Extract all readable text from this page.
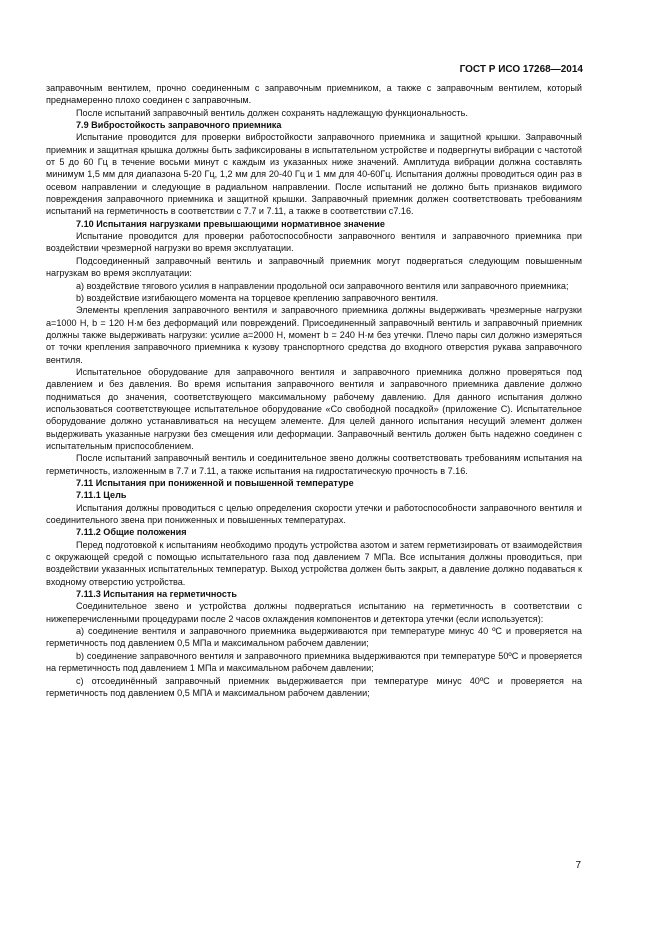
ГОСТ Р ИСО 17268—2014

заправочным вентилем, прочно соединенным с заправочным приемником, а также с заправочным вентилем, который преднамеренно плохо соединен с заправочным.

После испытаний заправочный вентиль должен сохранять надлежащую функциональность.

7.9 Вибростойкость заправочного приемника

Испытание проводится для проверки вибростойкости заправочного приемника и защитной крышки. Заправочный приемник и защитная крышка должны быть зафиксированы в испытательном устройстве и подвергнуты вибрации с частотой от 5 до 60 Гц в течение восьми минут с каждым из указанных ниже значений. Амплитуда вибрации должна составлять минимум 1,5 мм для диапазона 5-20 Гц, 1,2 мм для 20-40 Гц и 1 мм для 40-60Гц. Испытания должны проводиться один раз в осевом направлении и следующие в радиальном направлении. После испытаний не должно быть признаков видимого повреждения заправочного приемника и защитной крышки. Заправочный приемник должен соответствовать требованиям испытаний на герметичность в соответствии с 7.7 и 7.11, а также в соответствии с7.16.

7.10 Испытания нагрузками превышающими нормативное значение

Испытание проводится для проверки работоспособности заправочного вентиля и заправочного приемника при воздействии чрезмерной нагрузки во время эксплуатации.

Подсоединенный заправочный вентиль и заправочный приемник могут подвергаться следующим повышенным нагрузкам во время эксплуатации:

а) воздействие тягового усилия в направлении продольной оси заправочного вентиля или заправочного приемника;

b) воздействие изгибающего момента на торцевое креплению заправочного вентиля.

Элементы крепления заправочного вентиля и заправочного приемника должны выдерживать чрезмерные нагрузки a=1000 Н, b = 120 Н·м без деформаций или повреждений. Присоединенный заправочный вентиль и заправочный приемник должны также выдерживать нагрузки: усилие a=2000 Н, момент b = 240 Н·м без утечки. Плечо пары сил должно измеряться от точки крепления заправочного приемника к кузову транспортного средства до входного отверстия рукава заправочного вентиля.

Испытательное оборудование для заправочного вентиля и заправочного приемника должно проверяться под давлением и без давления. Во время испытания заправочного вентиля и заправочного приемника давление должно подниматься до значения, соответствующего максимальному рабочему давлению. Для данного испытания должно использоваться соответствующее испытательное оборудование «Со свободной посадкой» (приложение С). Испытательное оборудование должно устанавливаться на несущем элементе. Для целей данного испытания несущий элемент должен выдерживать указанные нагрузки без смещения или деформации. Заправочный вентиль должен быть надежно соединен с испытательным приспособлением.

После испытаний заправочный вентиль и соединительное звено должны соответствовать требованиям испытания на герметичность, изложенным в 7.7 и 7.11, а также испытания на гидростатическую прочность в 7.16.

7.11 Испытания при пониженной и повышенной температуре

7.11.1 Цель

Испытания должны проводиться с целью определения скорости утечки и работоспособности заправочного вентиля и соединительного звена при пониженных и повышенных температурах.

7.11.2 Общие положения

Перед подготовкой к испытаниям необходимо продуть устройства азотом и затем герметизировать от взаимодействия с окружающей средой с помощью испытательного газа под давлением 7 МПа. Все испытания должны проводиться, при воздействии указанных испытательных температур. Выход устройства должен быть закрыт, а давление должно подаваться к входному отверстию устройства.

7.11.3 Испытания на герметичность

Соединительное звено и устройства должны подвергаться испытанию на герметичность в соответствии с нижеперечисленными процедурами после 2 часов охлаждения компонентов и детектора утечки (если используется):

а) соединение вентиля и заправочного приемника выдерживаются при температуре минус 40 ºС и проверяется на герметичность под давлением 0,5 МПа и максимальном рабочем давлении;

b) соединение заправочного вентиля и заправочного приемника выдерживаются при температуре 50ºС и проверяется на герметичность под давлением 1 МПа и максимальном рабочем давлении;

с) отсоединённый заправочный приемник выдерживается при температуре минус 40ºС и проверяется на герметичность под давлением 0,5 МПА и максимальном рабочем давлении;

7
